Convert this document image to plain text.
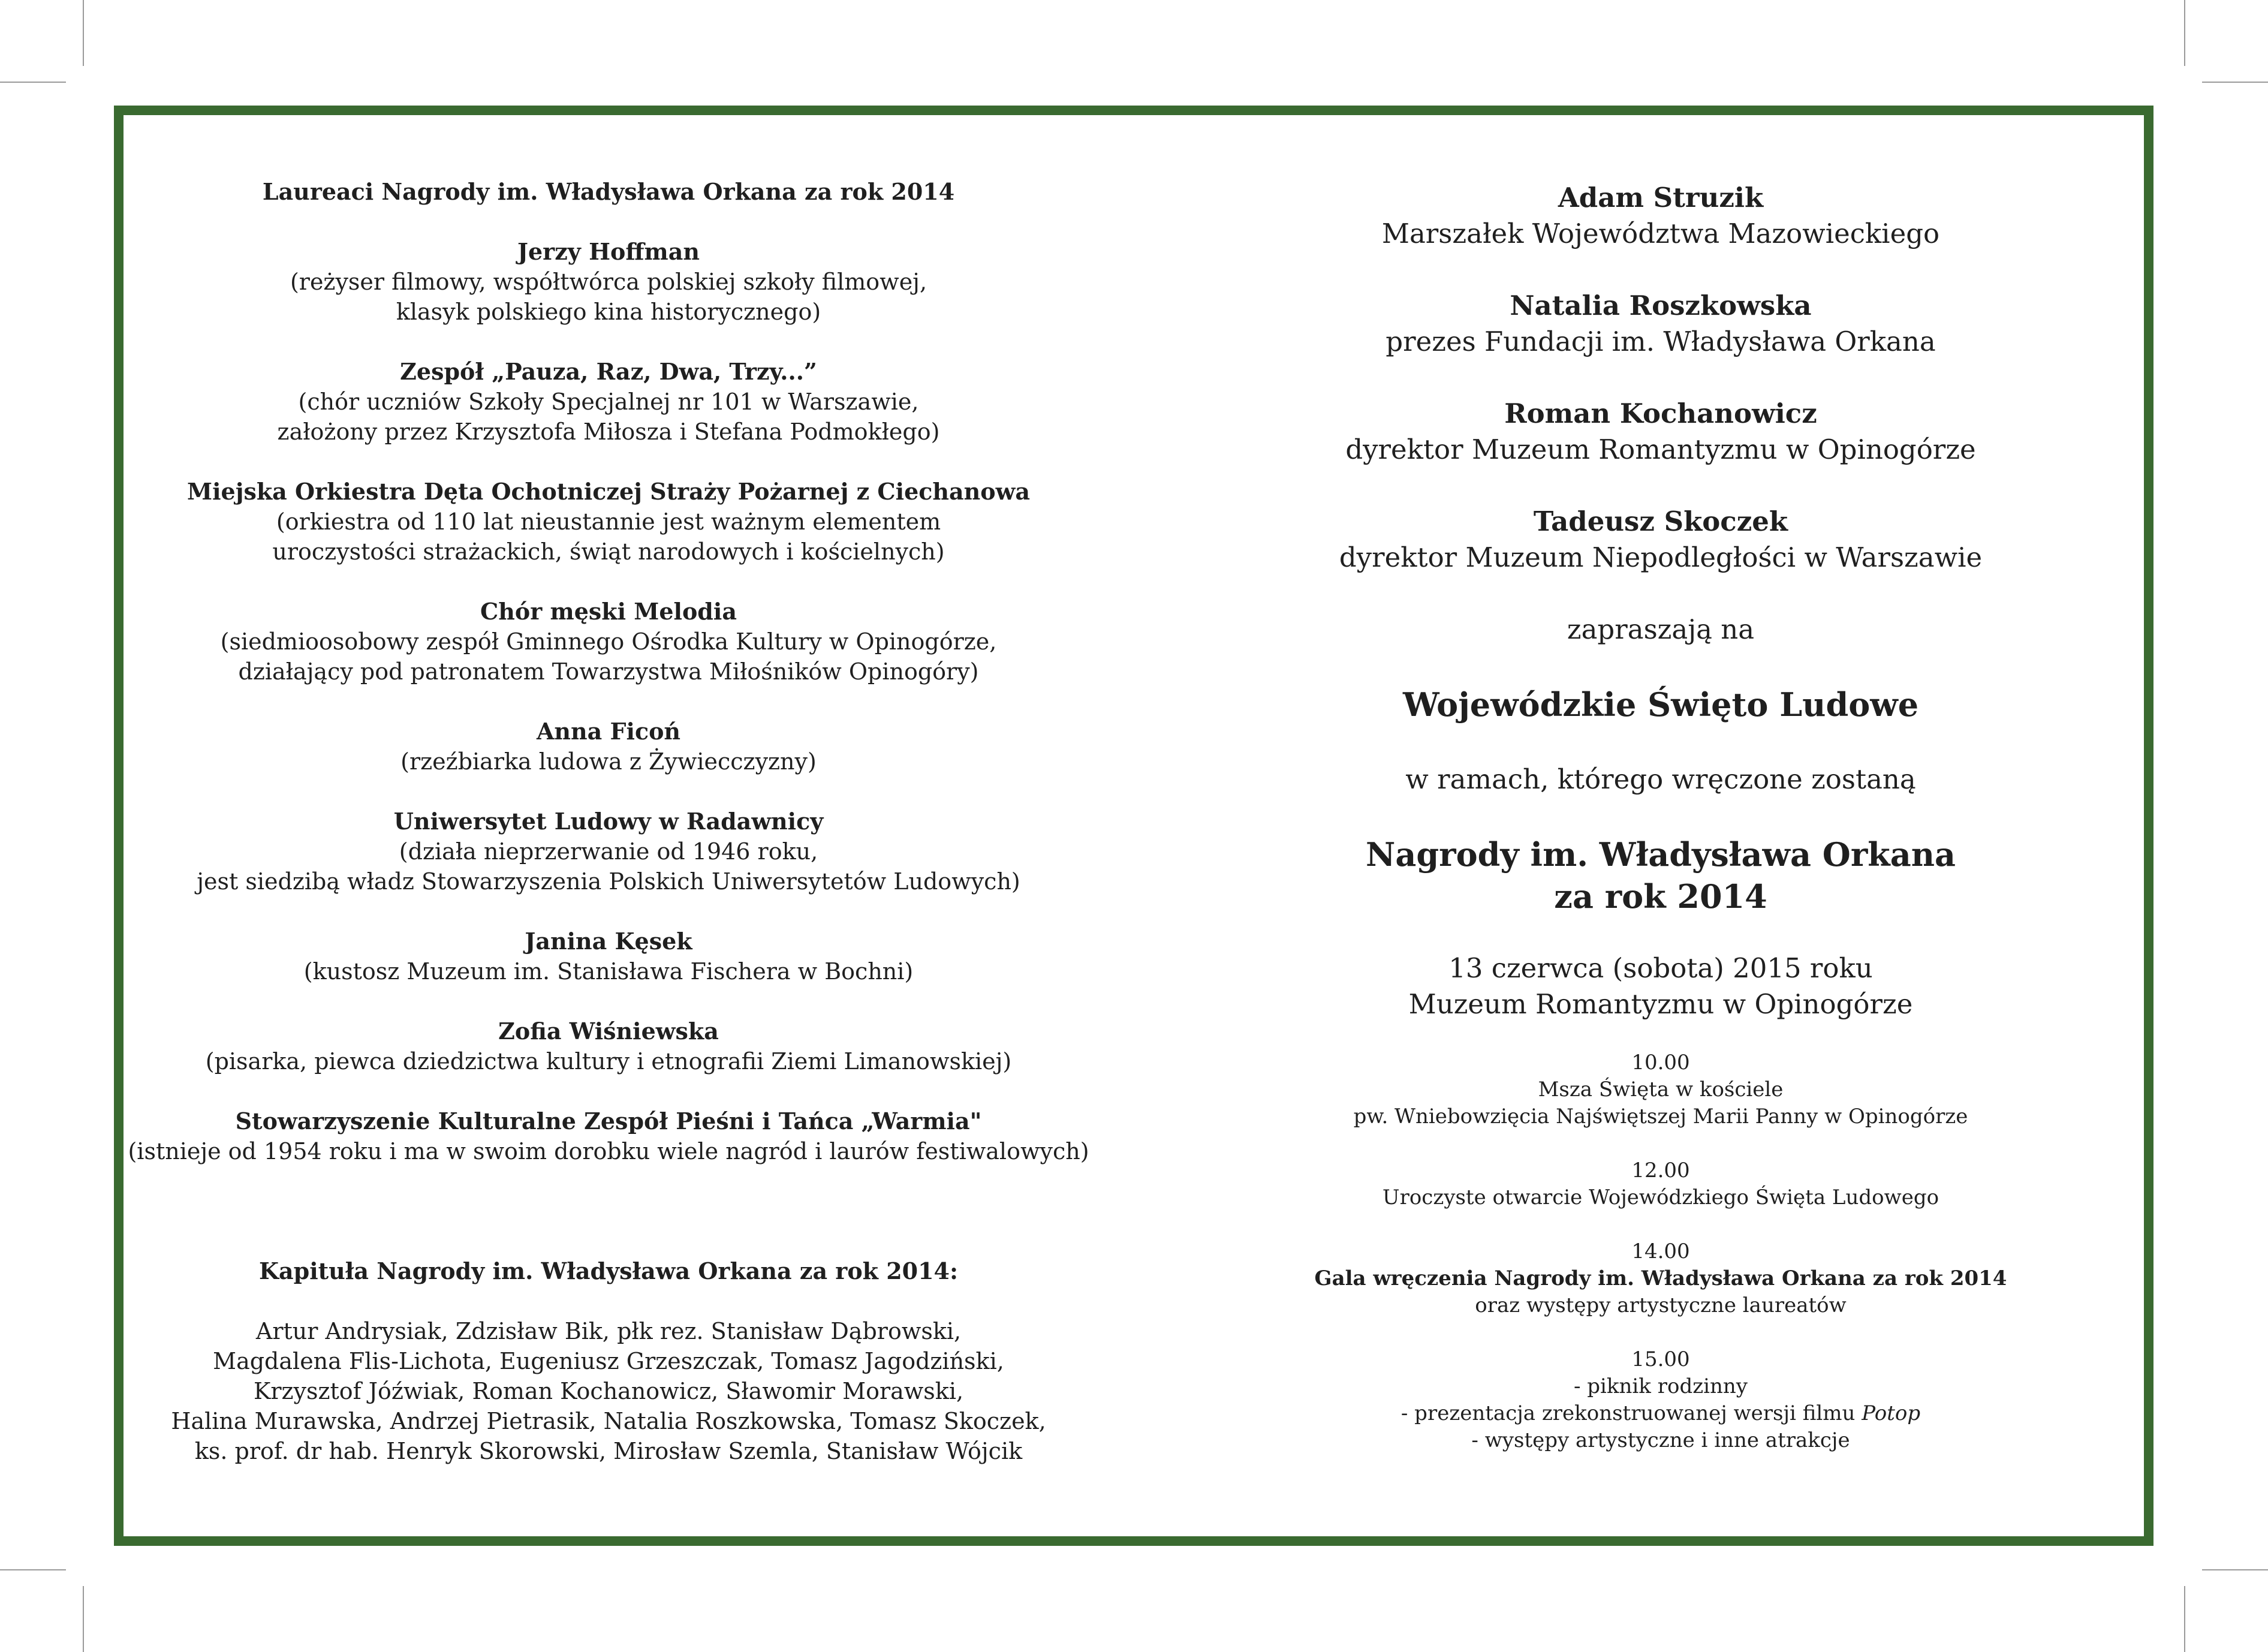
Laureaci Nagrody im. Władysława Orkana za rok 2014

Jerzy Hoffman

(reżyser filmowy, współtwórca polskiej szkoły filmowej,

klasyk polskiego kina historycznego)

Zespół „Pauza, Raz, Dwa, Trzy...”

(chór uczniów Szkoły Specjalnej nr 101 w Warszawie,

założony przez Krzysztofa Miłosza i Stefana Podmokłego)

Miejska Orkiestra Dęta Ochotniczej Straży Pożarnej z Ciechanowa

(orkiestra od 110 lat nieustannie jest ważnym elementem

uroczystości strażackich, świąt narodowych i kościelnych)

Chór męski Melodia

(siedmioosobowy zespół Gminnego Ośrodka Kultury w Opinogórze,

działający pod patronatem Towarzystwa Miłośników Opinogóry)

Anna Ficoń

(rzeźbiarka ludowa z Żywiecczyzny)

Uniwersytet Ludowy w Radawnicy

(działa nieprzerwanie od 1946 roku,

jest siedzibą władz Stowarzyszenia Polskich Uniwersytetów Ludowych)

Janina Kęsek

(kustosz Muzeum im. Stanisława Fischera w Bochni)

Zofia Wiśniewska

(pisarka, piewca dziedzictwa kultury i etnografii Ziemi Limanowskiej)

Stowarzyszenie Kulturalne Zespół Pieśni i Tańca „Warmia"

(istnieje od 1954 roku i ma w swoim dorobku wiele nagród i laurów festiwalowych)

Kapituła Nagrody im. Władysława Orkana za rok 2014:

Artur Andrysiak, Zdzisław Bik, płk rez. Stanisław Dąbrowski,

Magdalena Flis-Lichota, Eugeniusz Grzeszczak, Tomasz Jagodziński,

Krzysztof Jóźwiak, Roman Kochanowicz, Sławomir Morawski,

Halina Murawska, Andrzej Pietrasik, Natalia Roszkowska, Tomasz Skoczek,

ks. prof. dr hab. Henryk Skorowski, Mirosław Szemla, Stanisław Wójcik

Adam Struzik

Marszałek Województwa Mazowieckiego

Natalia Roszkowska

prezes Fundacji im. Władysława Orkana

Roman Kochanowicz

dyrektor Muzeum Romantyzmu w Opinogórze

Tadeusz Skoczek

dyrektor Muzeum Niepodległości w Warszawie

zapraszają na

Wojewódzkie Święto Ludowe

w ramach, którego wręczone zostaną

Nagrody im. Władysława Orkana

za rok 2014

13 czerwca (sobota) 2015 roku

Muzeum Romantyzmu w Opinogórze

10.00

Msza Święta w kościele

pw. Wniebowzięcia Najświętszej Marii Panny w Opinogórze

12.00

Uroczyste otwarcie Wojewódzkiego Święta Ludowego

14.00

Gala wręczenia Nagrody im. Władysława Orkana za rok 2014

oraz występy artystyczne laureatów

15.00

- piknik rodzinny

- prezentacja zrekonstruowanej wersji filmu Potop

- występy artystyczne i inne atrakcje
